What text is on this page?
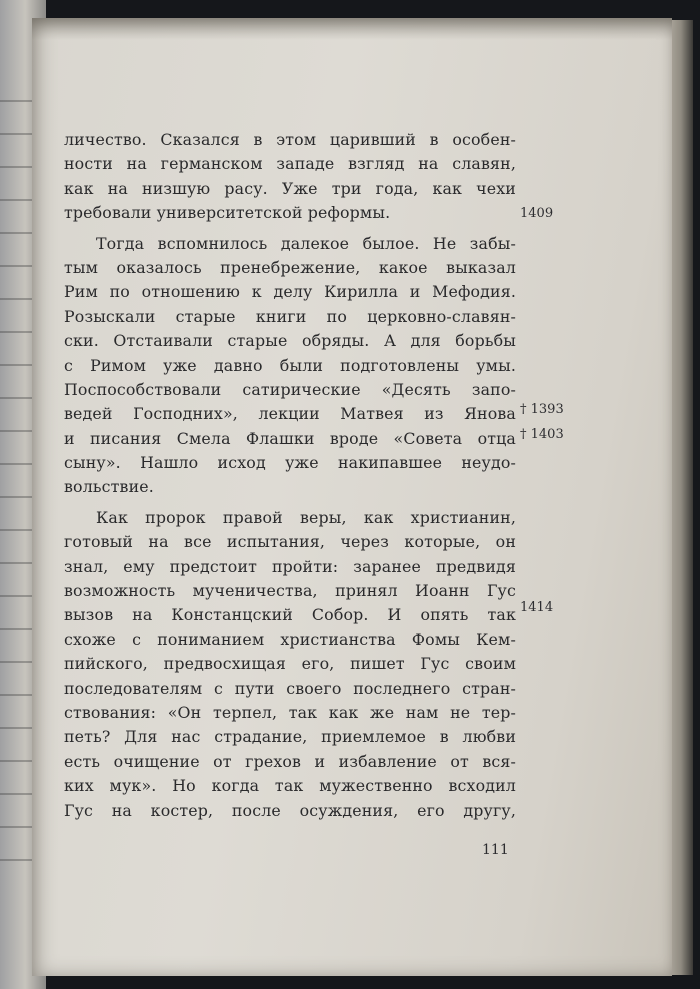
личество. Сказался в этом царивший в особен-
ности на германском западе взгляд на славян,
как на низшую расу. Уже три года, как чехи
требовали университетской реформы.
Тогда вспомнилось далекое былое. Не забы-
тым оказалось пренебрежение, какое выказал
Рим по отношению к делу Кирилла и Мефодия.
Розыскали старые книги по церковно-славян-
ски. Отстаивали старые обряды. А для борьбы
с Римом уже давно были подготовлены умы.
Поспособствовали сатирические «Десять запо-
ведей Господних», лекции Матвея из Янова
и писания Смела Флашки вроде «Совета отца
сыну». Нашло исход уже накипавшее неудо-
вольствие.
Как пророк правой веры, как христианин,
готовый на все испытания, через которые, он
знал, ему предстоит пройти: заранее предвидя
возможность мученичества, принял Иоанн Гус
вызов на Констанцский Собор. И опять так
схоже с пониманием христианства Фомы Кем-
пийского, предвосхищая его, пишет Гус своим
последователям с пути своего последнего стран-
ствования: «Он терпел, так как же нам не тер-
петь? Для нас страдание, приемлемое в любви
есть очищение от грехов и избавление от вся-
ких мук». Но когда так мужественно всходил
Гус на костер, после осуждения, его другу,
1409
† 1393
† 1403
1414
111
